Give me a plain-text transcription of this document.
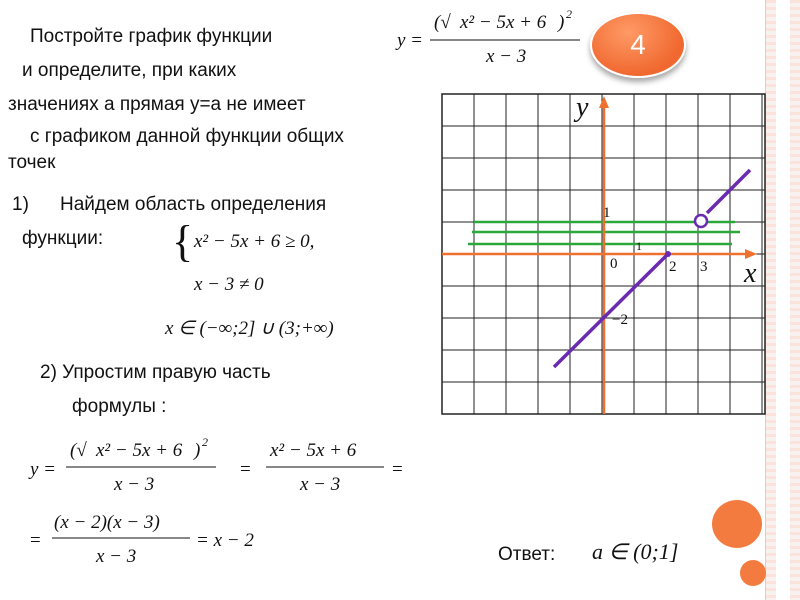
Постройте график функции
и определите, при каких
значениях а прямая у=а не имеет
с графиком данной функции общих
точек
4
1) Найдем область определения
функции:
2) Упростим правую часть
формулы :
Ответ: a ∈ (0;1]
y =
(√ x² − 5x + 6 ) 2
x − 3
{ x² − 5x + 6 ≥ 0,
x − 3 ≠ 0
x ∈ (−∞;2] ∪ (3;+∞)
y =
(√ x² − 5x + 6 ) 2
x − 3
=
x² − 5x + 6
x − 3
=
=
(x − 2)(x − 3)
x − 3
= x − 2
y
x
0
1
1
2 3
−2
